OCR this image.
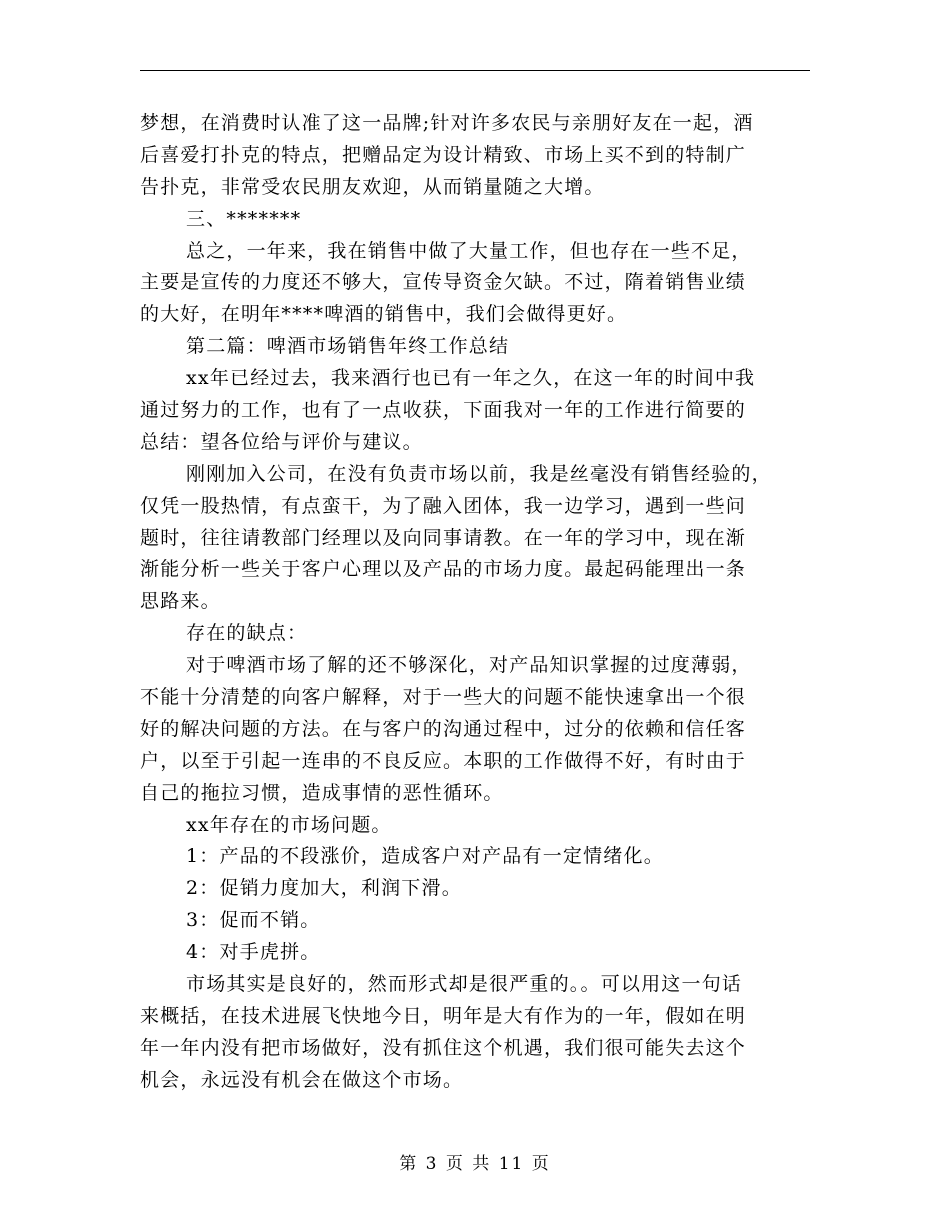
梦想，在消费时认准了这一品牌;针对许多农民与亲朋好友在一起，酒
后喜爱打扑克的特点，把赠品定为设计精致、市场上买不到的特制广
告扑克，非常受农民朋友欢迎，从而销量随之大增。
三、*******
总之，一年来，我在销售中做了大量工作，但也存在一些不足，
主要是宣传的力度还不够大，宣传导资金欠缺。不过，隋着销售业绩
的大好，在明年****啤酒的销售中，我们会做得更好。
第二篇：啤酒市场销售年终工作总结
xx年已经过去，我来酒行也已有一年之久，在这一年的时间中我
通过努力的工作，也有了一点收获，下面我对一年的工作进行简要的
总结：望各位给与评价与建议。
刚刚加入公司，在没有负责市场以前，我是丝毫没有销售经验的，
仅凭一股热情，有点蛮干，为了融入团体，我一边学习，遇到一些问
题时，往往请教部门经理以及向同事请教。在一年的学习中，现在渐
渐能分析一些关于客户心理以及产品的市场力度。最起码能理出一条
思路来。
存在的缺点：
对于啤酒市场了解的还不够深化，对产品知识掌握的过度薄弱，
不能十分清楚的向客户解释，对于一些大的问题不能快速拿出一个很
好的解决问题的方法。在与客户的沟通过程中，过分的依赖和信任客
户，以至于引起一连串的不良反应。本职的工作做得不好，有时由于
自己的拖拉习惯，造成事情的恶性循环。
xx年存在的市场问题。
1：产品的不段涨价，造成客户对产品有一定情绪化。
2：促销力度加大，利润下滑。
3：促而不销。
4：对手虎拼。
市场其实是良好的，然而形式却是很严重的。。可以用这一句话
来概括，在技术进展飞快地今日，明年是大有作为的一年，假如在明
年一年内没有把市场做好，没有抓住这个机遇，我们很可能失去这个
机会，永远没有机会在做这个市场。
第 3 页 共 11 页
